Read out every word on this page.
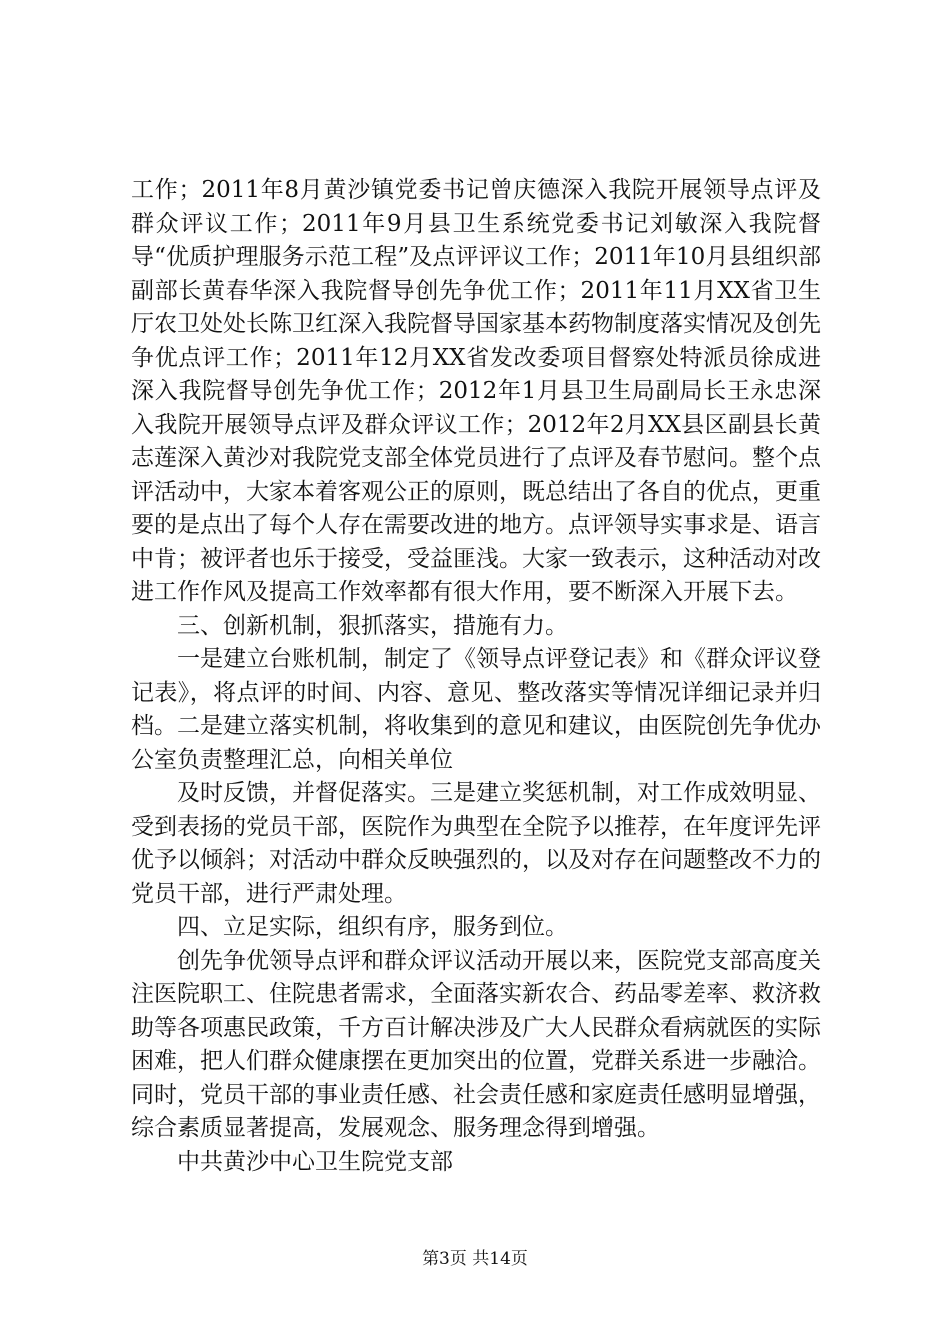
工作；2011年8月黄沙镇党委书记曾庆德深入我院开展领导点评及群众评议工作；2011年9月县卫生系统党委书记刘敏深入我院督导“优质护理服务示范工程”及点评评议工作；2011年10月县组织部副部长黄春华深入我院督导创先争优工作；2011年11月XX省卫生厅农卫处处长陈卫红深入我院督导国家基本药物制度落实情况及创先争优点评工作；2011年12月XX省发改委项目督察处特派员徐成进深入我院督导创先争优工作；2012年1月县卫生局副局长王永忠深入我院开展领导点评及群众评议工作；2012年2月XX县区副县长黄志莲深入黄沙对我院党支部全体党员进行了点评及春节慰问。整个点评活动中，大家本着客观公正的原则，既总结出了各自的优点，更重要的是点出了每个人存在需要改进的地方。点评领导实事求是、语言中肯；被评者也乐于接受，受益匪浅。大家一致表示，这种活动对改进工作作风及提高工作效率都有很大作用，要不断深入开展下去。

三、创新机制，狠抓落实，措施有力。

一是建立台账机制，制定了《领导点评登记表》和《群众评议登记表》，将点评的时间、内容、意见、整改落实等情况详细记录并归档。二是建立落实机制，将收集到的意见和建议，由医院创先争优办公室负责整理汇总，向相关单位

及时反馈，并督促落实。三是建立奖惩机制，对工作成效明显、受到表扬的党员干部，医院作为典型在全院予以推荐，在年度评先评优予以倾斜；对活动中群众反映强烈的，以及对存在问题整改不力的党员干部，进行严肃处理。

四、立足实际，组织有序，服务到位。

创先争优领导点评和群众评议活动开展以来，医院党支部高度关注医院职工、住院患者需求，全面落实新农合、药品零差率、救济救助等各项惠民政策，千方百计解决涉及广大人民群众看病就医的实际困难，把人们群众健康摆在更加突出的位置，党群关系进一步融洽。同时，党员干部的事业责任感、社会责任感和家庭责任感明显增强，综合素质显著提高，发展观念、服务理念得到增强。

中共黄沙中心卫生院党支部

第3页 共14页
